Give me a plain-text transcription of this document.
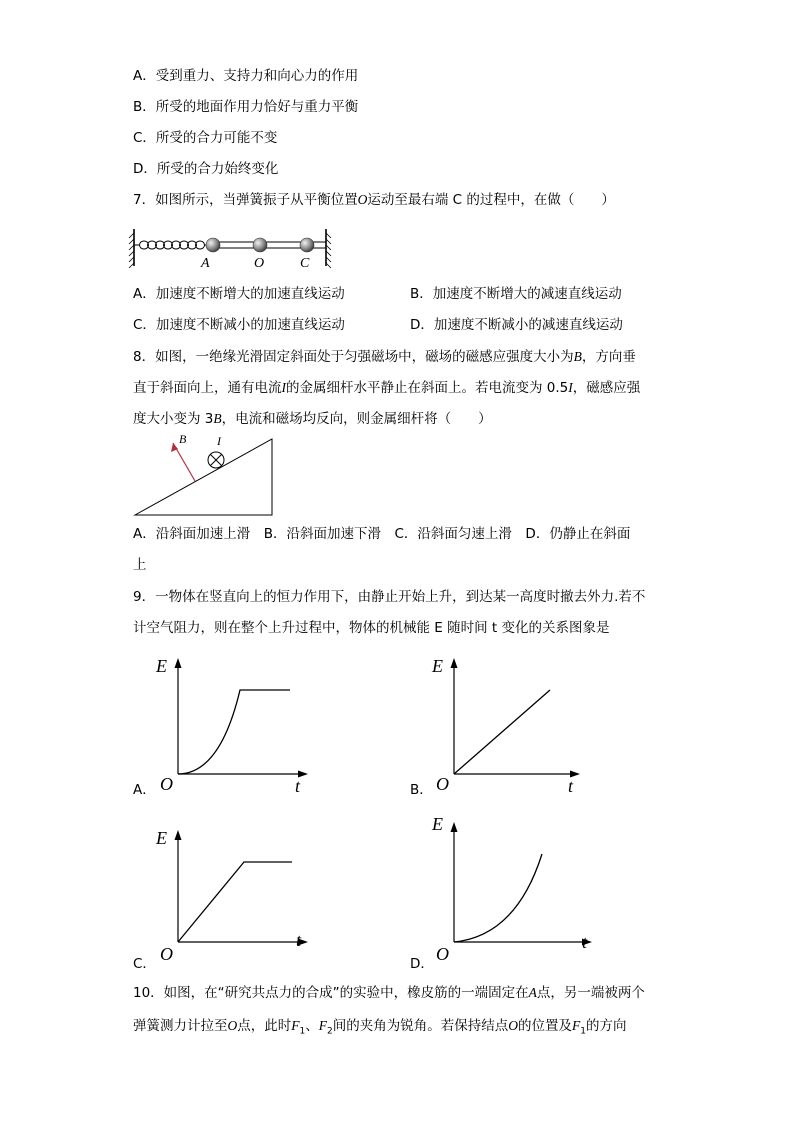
A．受到重力、支持力和向心力的作用
B．所受的地面作用力恰好与重力平衡
C．所受的合力可能不变
D．所受的合力始终变化
7．如图所示，当弹簧振子从平衡位置O运动至最右端 C 的过程中，在做（　　）
A	O	C
A．加速度不断增大的加速直线运动	B．加速度不断增大的减速直线运动
C．加速度不断减小的加速直线运动	D．加速度不断减小的减速直线运动
8．如图，一绝缘光滑固定斜面处于匀强磁场中，磁场的磁感应强度大小为B，方向垂
直于斜面向上，通有电流I的金属细杆水平静止在斜面上。若电流变为 0.5I，磁感应强
度大小变为 3B，电流和磁场均反向，则金属细杆将（　　）
B	I
A．沿斜面加速上滑　B．沿斜面加速下滑　C．沿斜面匀速上滑　D．仍静止在斜面
上
9．一物体在竖直向上的恒力作用下，由静止开始上升，到达某一高度时撤去外力.若不
计空气阻力，则在整个上升过程中，物体的机械能 E 随时间 t 变化的关系图象是
E
t
O
A．
E
t
O
B．
E
t
O
C．
E
t
O
D．
10．如图，在“研究共点力的合成”的实验中，橡皮筋的一端固定在A点，另一端被两个
弹簧测力计拉至O点，此时$F_1$、$F_2$间的夹角为锐角。若保持结点O的位置及$F_1$的方向
